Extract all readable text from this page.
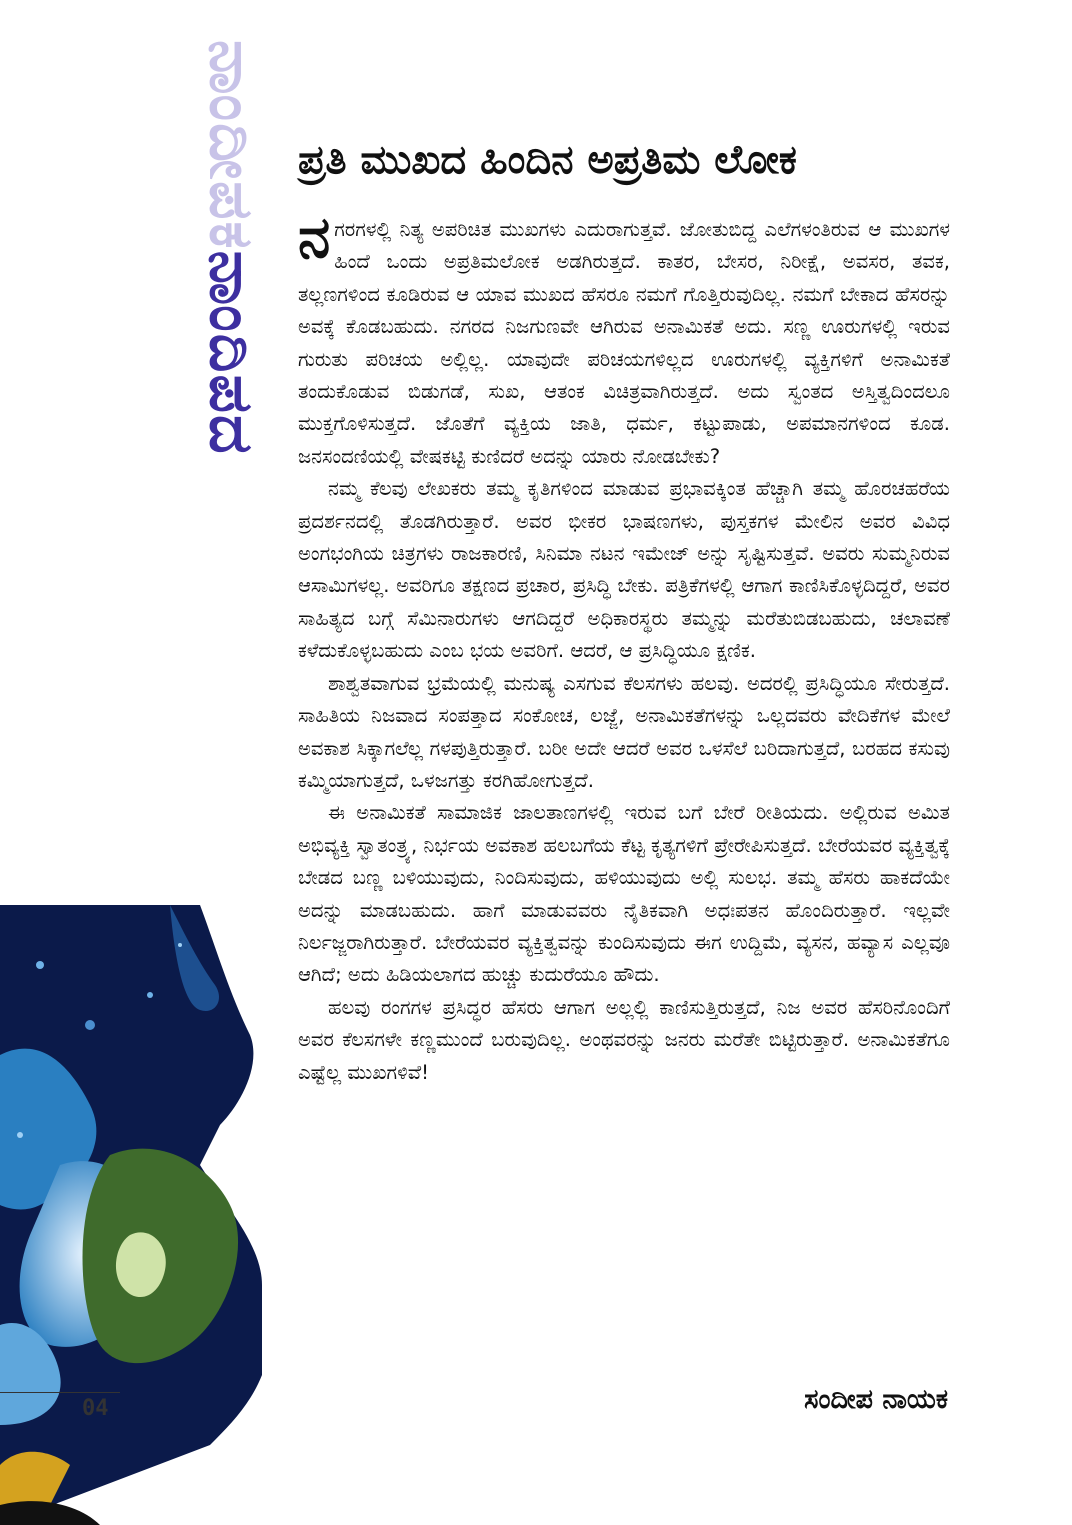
ನಾಂದೀಪಕನಾಂದಿಪದ
04
ಪ್ರತಿ ಮುಖದ ಹಿಂದಿನ ಅಪ್ರತಿಮ ಲೋಕ

ನಗರಗಳಲ್ಲಿ ನಿತ್ಯ ಅಪರಿಚಿತ ಮುಖಗಳು ಎದುರಾಗುತ್ತವೆ. ಜೋತುಬಿದ್ದ ಎಲೆಗಳಂತಿರುವ ಆ ಮುಖಗಳ ಹಿಂದೆ ಒಂದು ಅಪ್ರತಿಮಲೋಕ ಅಡಗಿರುತ್ತದೆ. ಕಾತರ, ಬೇಸರ, ನಿರೀಕ್ಷೆ, ಅವಸರ, ತವಕ, ತಲ್ಲಣಗಳಿಂದ ಕೂಡಿರುವ ಆ ಯಾವ ಮುಖದ ಹೆಸರೂ ನಮಗೆ ಗೊತ್ತಿರುವುದಿಲ್ಲ. ನಮಗೆ ಬೇಕಾದ ಹೆಸರನ್ನು ಅವಕ್ಕೆ ಕೊಡಬಹುದು. ನಗರದ ನಿಜಗುಣವೇ ಆಗಿರುವ ಅನಾಮಿಕತೆ ಅದು. ಸಣ್ಣ ಊರುಗಳಲ್ಲಿ ಇರುವ ಗುರುತು ಪರಿಚಯ ಅಲ್ಲಿಲ್ಲ. ಯಾವುದೇ ಪರಿಚಯಗಳಿಲ್ಲದ ಊರುಗಳಲ್ಲಿ ವ್ಯಕ್ತಿಗಳಿಗೆ ಅನಾಮಿಕತೆ ತಂದುಕೊಡುವ ಬಿಡುಗಡೆ, ಸುಖ, ಆತಂಕ ವಿಚಿತ್ರವಾಗಿರುತ್ತದೆ. ಅದು ಸ್ವಂತದ ಅಸ್ತಿತ್ವದಿಂದಲೂ ಮುಕ್ತಗೊಳಿಸುತ್ತದೆ. ಜೊತೆಗೆ ವ್ಯಕ್ತಿಯ ಜಾತಿ, ಧರ್ಮ, ಕಟ್ಟುಪಾಡು, ಅಪಮಾನಗಳಿಂದ ಕೂಡ. ಜನಸಂದಣಿಯಲ್ಲಿ ವೇಷಕಟ್ಟಿ ಕುಣಿದರೆ ಅದನ್ನು ಯಾರು ನೋಡಬೇಕು?

ನಮ್ಮ ಕೆಲವು ಲೇಖಕರು ತಮ್ಮ ಕೃತಿಗಳಿಂದ ಮಾಡುವ ಪ್ರಭಾವಕ್ಕಿಂತ ಹೆಚ್ಚಾಗಿ ತಮ್ಮ ಹೊರಚಹರೆಯ ಪ್ರದರ್ಶನದಲ್ಲಿ ತೊಡಗಿರುತ್ತಾರೆ. ಅವರ ಭೀಕರ ಭಾಷಣಗಳು, ಪುಸ್ತಕಗಳ ಮೇಲಿನ ಅವರ ವಿವಿಧ ಅಂಗಭಂಗಿಯ ಚಿತ್ರಗಳು ರಾಜಕಾರಣಿ, ಸಿನಿಮಾ ನಟನ ಇಮೇಜ್ ಅನ್ನು ಸೃಷ್ಟಿಸುತ್ತವೆ. ಅವರು ಸುಮ್ಮನಿರುವ ಆಸಾಮಿಗಳಲ್ಲ. ಅವರಿಗೂ ತಕ್ಷಣದ ಪ್ರಚಾರ, ಪ್ರಸಿದ್ಧಿ ಬೇಕು. ಪತ್ರಿಕೆಗಳಲ್ಲಿ ಆಗಾಗ ಕಾಣಿಸಿಕೊಳ್ಳದಿದ್ದರೆ, ಅವರ ಸಾಹಿತ್ಯದ ಬಗ್ಗೆ ಸೆಮಿನಾರುಗಳು ಆಗದಿದ್ದರೆ ಅಧಿಕಾರಸ್ಥರು ತಮ್ಮನ್ನು ಮರೆತುಬಿಡಬಹುದು, ಚಲಾವಣೆ ಕಳೆದುಕೊಳ್ಳಬಹುದು ಎಂಬ ಭಯ ಅವರಿಗೆ. ಆದರೆ, ಆ ಪ್ರಸಿದ್ಧಿಯೂ ಕ್ಷಣಿಕ.

ಶಾಶ್ವತವಾಗುವ ಭ್ರಮೆಯಲ್ಲಿ ಮನುಷ್ಯ ಎಸಗುವ ಕೆಲಸಗಳು ಹಲವು. ಅದರಲ್ಲಿ ಪ್ರಸಿದ್ಧಿಯೂ ಸೇರುತ್ತದೆ. ಸಾಹಿತಿಯ ನಿಜವಾದ ಸಂಪತ್ತಾದ ಸಂಕೋಚ, ಲಜ್ಜೆ, ಅನಾಮಿಕತೆಗಳನ್ನು ಒಲ್ಲದವರು ವೇದಿಕೆಗಳ ಮೇಲೆ ಅವಕಾಶ ಸಿಕ್ಕಾಗಲೆಲ್ಲ ಗಳಪುತ್ತಿರುತ್ತಾರೆ. ಬರೀ ಅದೇ ಆದರೆ ಅವರ ಒಳಸೆಲೆ ಬರಿದಾಗುತ್ತದೆ, ಬರಹದ ಕಸುವು ಕಮ್ಮಿಯಾಗುತ್ತದೆ, ಒಳಜಗತ್ತು ಕರಗಿಹೋಗುತ್ತದೆ.

ಈ ಅನಾಮಿಕತೆ ಸಾಮಾಜಿಕ ಜಾಲತಾಣಗಳಲ್ಲಿ ಇರುವ ಬಗೆ ಬೇರೆ ರೀತಿಯದು. ಅಲ್ಲಿರುವ ಅಮಿತ ಅಭಿವ್ಯಕ್ತಿ ಸ್ವಾತಂತ್ರ್ಯ, ನಿರ್ಭಯ ಅವಕಾಶ ಹಲಬಗೆಯ ಕೆಟ್ಟ ಕೃತ್ಯಗಳಿಗೆ ಪ್ರೇರೇಪಿಸುತ್ತದೆ. ಬೇರೆಯವರ ವ್ಯಕ್ತಿತ್ವಕ್ಕೆ ಬೇಡದ ಬಣ್ಣ ಬಳಿಯುವುದು, ನಿಂದಿಸುವುದು, ಹಳಿಯುವುದು ಅಲ್ಲಿ ಸುಲಭ. ತಮ್ಮ ಹೆಸರು ಹಾಕದೆಯೇ ಅದನ್ನು ಮಾಡಬಹುದು. ಹಾಗೆ ಮಾಡುವವರು ನೈತಿಕವಾಗಿ ಅಧಃಪತನ ಹೊಂದಿರುತ್ತಾರೆ. ಇಲ್ಲವೇ ನಿರ್ಲಜ್ಜರಾಗಿರುತ್ತಾರೆ. ಬೇರೆಯವರ ವ್ಯಕ್ತಿತ್ವವನ್ನು ಕುಂದಿಸುವುದು ಈಗ ಉದ್ದಿಮೆ, ವ್ಯಸನ, ಹವ್ಯಾಸ ಎಲ್ಲವೂ ಆಗಿದೆ; ಅದು ಹಿಡಿಯಲಾಗದ ಹುಚ್ಚು ಕುದುರೆಯೂ ಹೌದು.

ಹಲವು ರಂಗಗಳ ಪ್ರಸಿದ್ಧರ ಹೆಸರು ಆಗಾಗ ಅಲ್ಲಲ್ಲಿ ಕಾಣಿಸುತ್ತಿರುತ್ತದೆ, ನಿಜ ಅವರ ಹೆಸರಿನೊಂದಿಗೆ ಅವರ ಕೆಲಸಗಳೇ ಕಣ್ಣಮುಂದೆ ಬರುವುದಿಲ್ಲ. ಅಂಥವರನ್ನು ಜನರು ಮರೆತೇ ಬಿಟ್ಟಿರುತ್ತಾರೆ. ಅನಾಮಿಕತೆಗೂ ಎಷ್ಟೆಲ್ಲ ಮುಖಗಳಿವೆ!

ಸಂದೀಪ ನಾಯಕ
